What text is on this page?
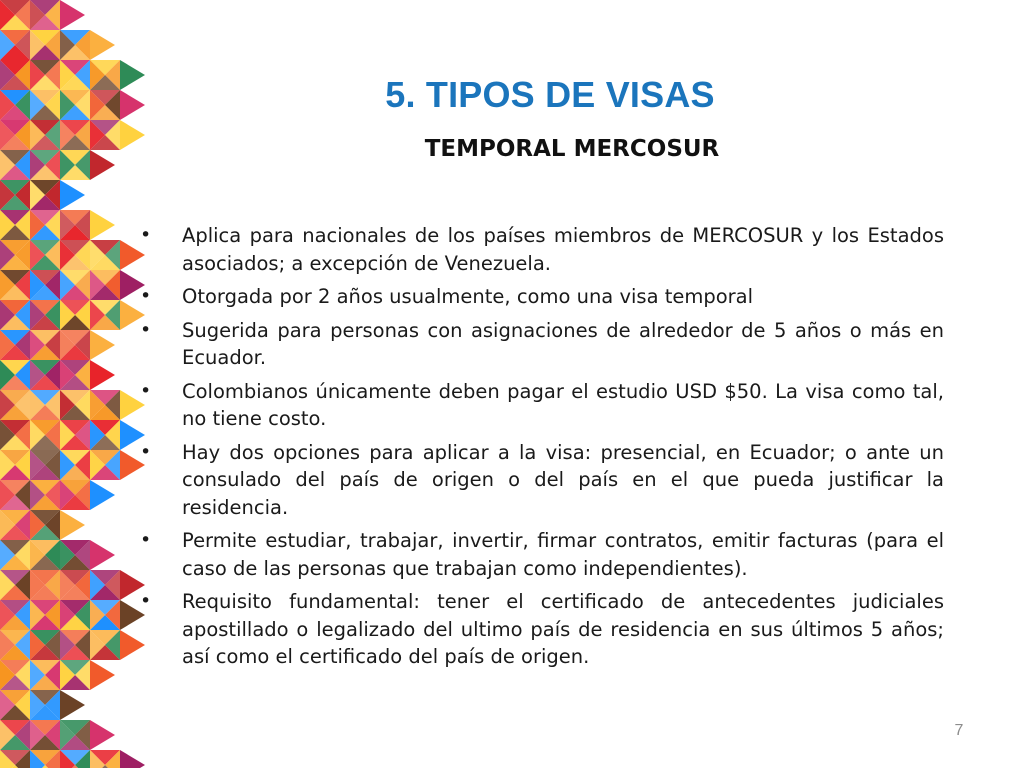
5. TIPOS DE VISAS
TEMPORAL MERCOSUR
• Aplica para nacionales de los países miembros de MERCOSUR y los Estados asociados; a excepción de Venezuela.
• Otorgada por 2 años usualmente, como una visa temporal
• Sugerida para personas con asignaciones de alrededor de 5 años o más en Ecuador.
• Colombianos únicamente deben pagar el estudio USD $50. La visa como tal, no tiene costo.
• Hay dos opciones para aplicar a la visa: presencial, en Ecuador; o ante un consulado del país de origen o del país en el que pueda justificar la residencia.
• Permite estudiar, trabajar, invertir, firmar contratos, emitir facturas (para el caso de las personas que trabajan como independientes).
• Requisito fundamental: tener el certificado de antecedentes judiciales apostillado o legalizado del ultimo país de residencia en sus últimos 5 años; así como el certificado del país de origen.
7
